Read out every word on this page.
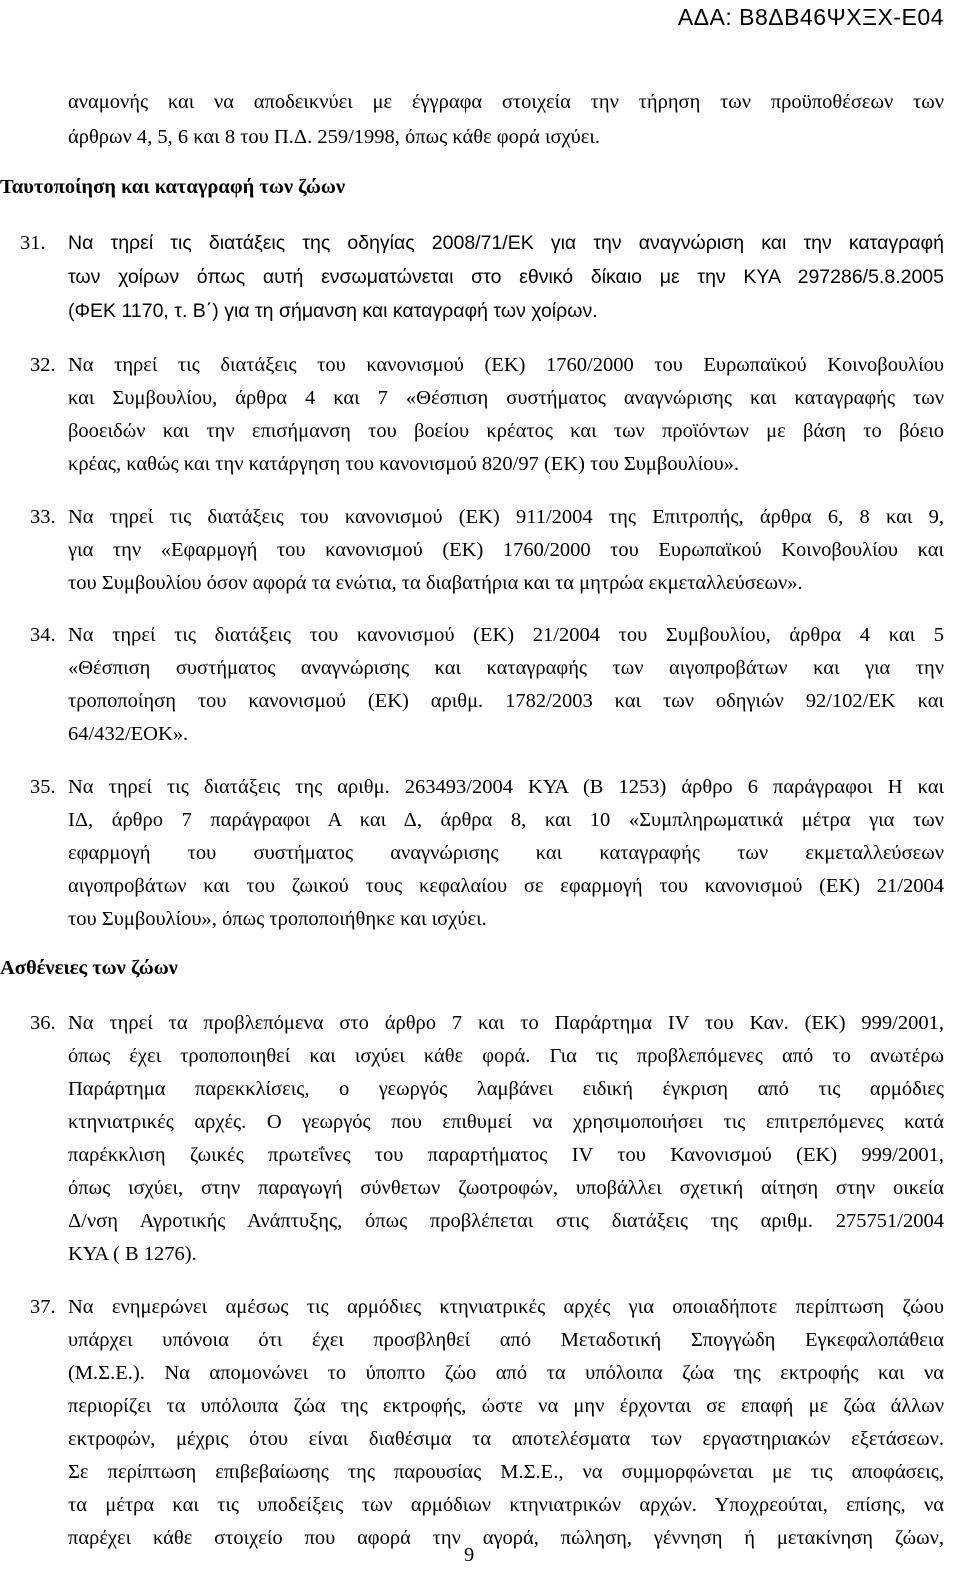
ΑΔΑ: Β8ΔΒ46ΨΧΞΧ-Ε04
αναμονής και να αποδεικνύει με έγγραφα στοιχεία την τήρηση των προϋποθέσεων των
άρθρων 4, 5, 6 και 8 του Π.Δ. 259/1998, όπως κάθε φορά ισχύει.
Ταυτοποίηση και καταγραφή των ζώων
31. Να τηρεί τις διατάξεις της οδηγίας 2008/71/ΕΚ για την αναγνώριση και την καταγραφή
των χοίρων όπως αυτή ενσωματώνεται στο εθνικό δίκαιο με την ΚΥΑ 297286/5.8.2005
(ΦΕΚ 1170, τ. Β΄) για τη σήμανση και καταγραφή των χοίρων.
32. Να τηρεί τις διατάξεις του κανονισμού (ΕΚ) 1760/2000 του Ευρωπαϊκού Κοινοβουλίου
και Συμβουλίου, άρθρα 4 και 7 «Θέσπιση συστήματος αναγνώρισης και καταγραφής των
βοοειδών και την επισήμανση του βοείου κρέατος και των προϊόντων με βάση το βόειο
κρέας, καθώς και την κατάργηση του κανονισμού 820/97 (ΕΚ) του Συμβουλίου».
33. Να τηρεί τις διατάξεις του κανονισμού (ΕΚ) 911/2004 της Επιτροπής, άρθρα 6, 8 και 9,
για την «Εφαρμογή του κανονισμού (ΕΚ) 1760/2000 του Ευρωπαϊκού Κοινοβουλίου και
του Συμβουλίου όσον αφορά τα ενώτια, τα διαβατήρια και τα μητρώα εκμεταλλεύσεων».
34. Να τηρεί τις διατάξεις του κανονισμού (ΕΚ) 21/2004 του Συμβουλίου, άρθρα 4 και 5
«Θέσπιση συστήματος αναγνώρισης και καταγραφής των αιγοπροβάτων και για την
τροποποίηση του κανονισμού (ΕΚ) αριθμ. 1782/2003 και των οδηγιών 92/102/ΕΚ και
64/432/ΕΟΚ».
35. Να τηρεί τις διατάξεις της αριθμ. 263493/2004 ΚΥΑ (Β 1253) άρθρο 6 παράγραφοι Η και
ΙΔ, άρθρο 7 παράγραφοι Α και Δ, άρθρα 8, και 10 «Συμπληρωματικά μέτρα για των
εφαρμογή του συστήματος αναγνώρισης και καταγραφής των εκμεταλλεύσεων
αιγοπροβάτων και του ζωικού τους κεφαλαίου σε εφαρμογή του κανονισμού (ΕΚ) 21/2004
του Συμβουλίου», όπως τροποποιήθηκε και ισχύει.
Ασθένειες των ζώων
36. Να τηρεί τα προβλεπόμενα στο άρθρο 7 και το Παράρτημα IV του Καν. (ΕΚ) 999/2001,
όπως έχει τροποποιηθεί και ισχύει κάθε φορά. Για τις προβλεπόμενες από το ανωτέρω
Παράρτημα παρεκκλίσεις, ο γεωργός λαμβάνει ειδική έγκριση από τις αρμόδιες
κτηνιατρικές αρχές. Ο γεωργός που επιθυμεί να χρησιμοποιήσει τις επιτρεπόμενες κατά
παρέκκλιση ζωικές πρωτεΐνες του παραρτήματος IV του Κανονισμού (ΕΚ) 999/2001,
όπως ισχύει, στην παραγωγή σύνθετων ζωοτροφών, υποβάλλει σχετική αίτηση στην οικεία
Δ/νση Αγροτικής Ανάπτυξης, όπως προβλέπεται στις διατάξεις της αριθμ. 275751/2004
ΚΥΑ ( Β 1276).
37. Να ενημερώνει αμέσως τις αρμόδιες κτηνιατρικές αρχές για οποιαδήποτε περίπτωση ζώου
υπάρχει υπόνοια ότι έχει προσβληθεί από Μεταδοτική Σπογγώδη Εγκεφαλοπάθεια
(Μ.Σ.Ε.). Να απομονώνει το ύποπτο ζώο από τα υπόλοιπα ζώα της εκτροφής και να
περιορίζει τα υπόλοιπα ζώα της εκτροφής, ώστε να μην έρχονται σε επαφή με ζώα άλλων
εκτροφών, μέχρις ότου είναι διαθέσιμα τα αποτελέσματα των εργαστηριακών εξετάσεων.
Σε περίπτωση επιβεβαίωσης της παρουσίας Μ.Σ.Ε., να συμμορφώνεται με τις αποφάσεις,
τα μέτρα και τις υποδείξεις των αρμόδιων κτηνιατρικών αρχών. Υποχρεούται, επίσης, να
παρέχει κάθε στοιχείο που αφορά την αγορά, πώληση, γέννηση ή μετακίνηση ζώων,
9
